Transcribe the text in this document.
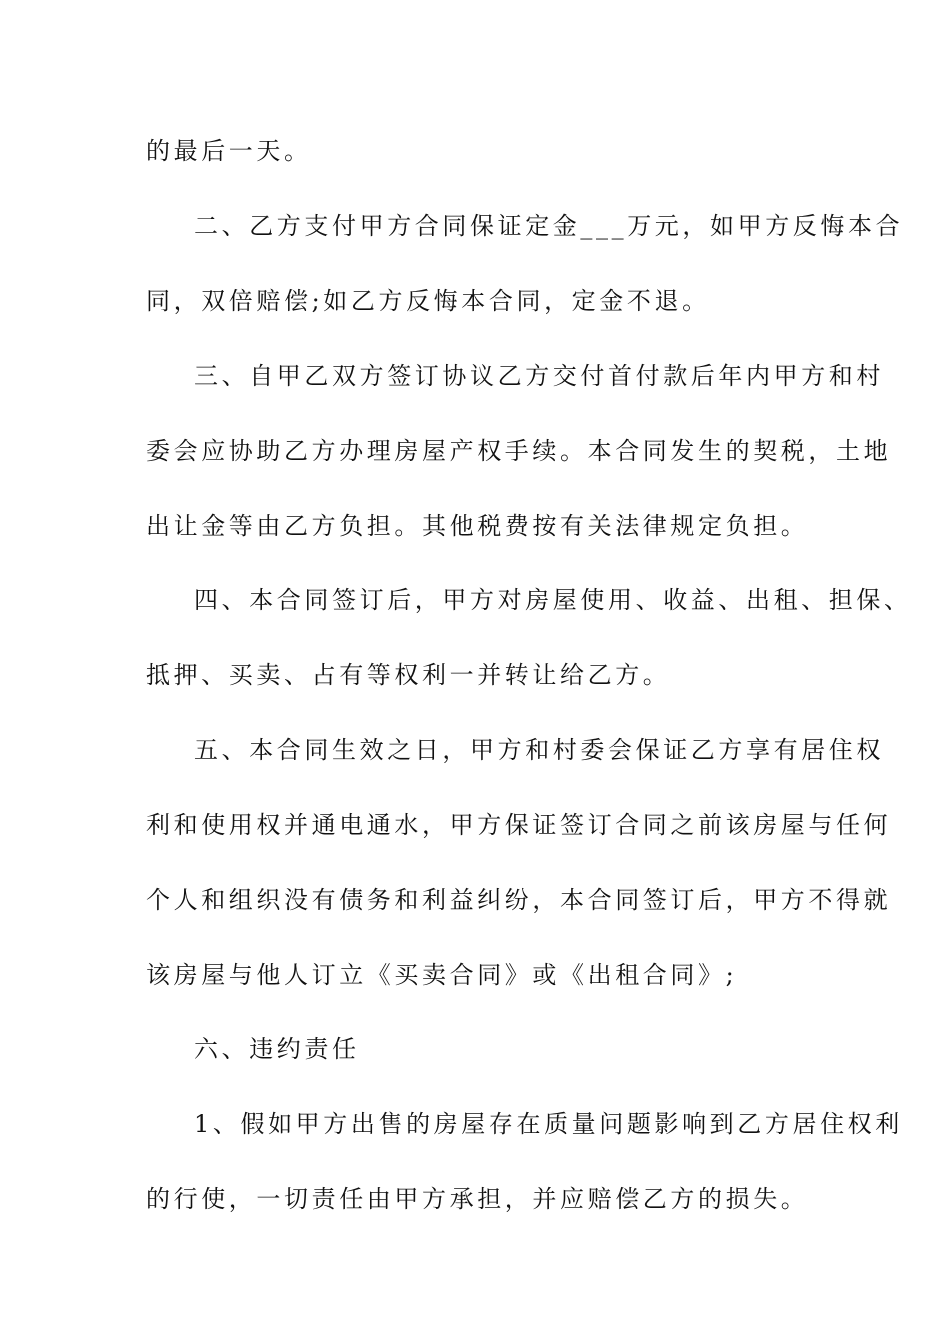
的最后一天。
二、乙方支付甲方合同保证定金___万元，如甲方反悔本合
同，双倍赔偿;如乙方反悔本合同，定金不退。
三、自甲乙双方签订协议乙方交付首付款后年内甲方和村
委会应协助乙方办理房屋产权手续。本合同发生的契税，土地
出让金等由乙方负担。其他税费按有关法律规定负担。
四、本合同签订后，甲方对房屋使用、收益、出租、担保、
抵押、买卖、占有等权利一并转让给乙方。
五、本合同生效之日，甲方和村委会保证乙方享有居住权
利和使用权并通电通水，甲方保证签订合同之前该房屋与任何
个人和组织没有债务和利益纠纷，本合同签订后，甲方不得就
该房屋与他人订立《买卖合同》或《出租合同》;
六、违约责任
1、假如甲方出售的房屋存在质量问题影响到乙方居住权利
的行使，一切责任由甲方承担，并应赔偿乙方的损失。
